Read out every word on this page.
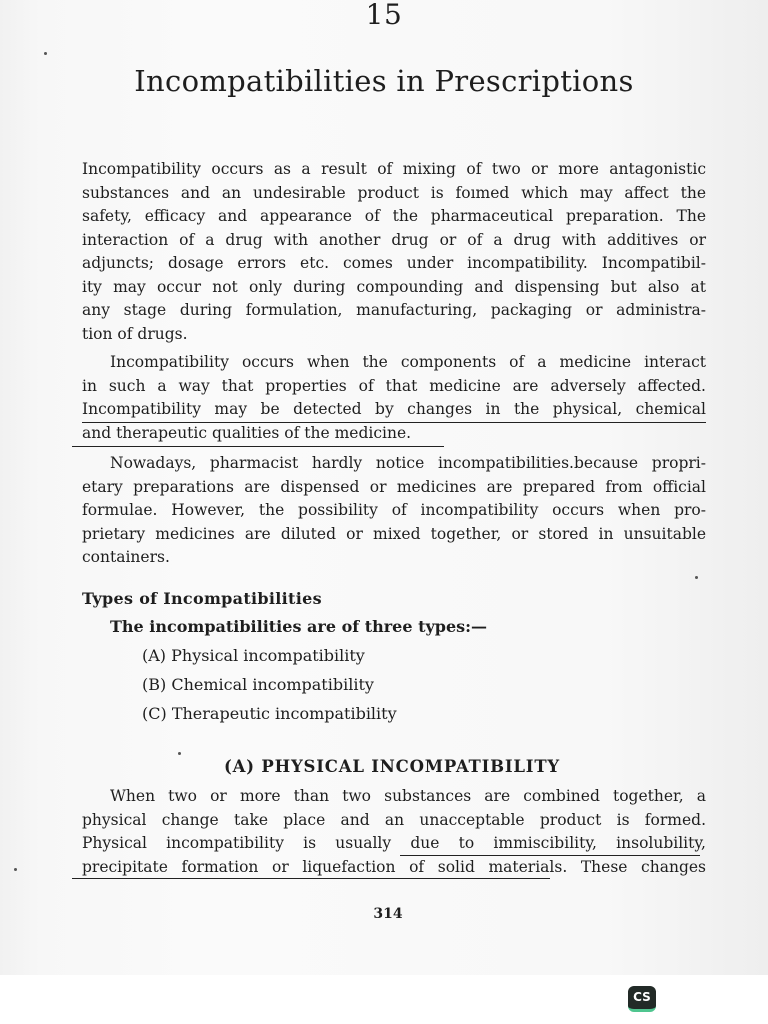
15
Incompatibilities in Prescriptions
Incompatibility occurs as a result of mixing of two or more antagonistic
substances and an undesirable product is foımed which may affect the
safety, efficacy and appearance of the pharmaceutical preparation. The
interaction of a drug with another drug or of a drug with additives or
adjuncts; dosage errors etc. comes under incompatibility. Incompatibil-
ity may occur not only during compounding and dispensing but also at
any stage during formulation, manufacturing, packaging or administra-
tion of drugs.
Incompatibility occurs when the components of a medicine interact
in such a way that properties of that medicine are adversely affected.
Incompatibility may be detected by changes in the physical, chemical
and therapeutic qualities of the medicine.
Nowadays, pharmacist hardly notice incompatibilities.because propri-
etary preparations are dispensed or medicines are prepared from official
formulae. However, the possibility of incompatibility occurs when pro-
prietary medicines are diluted or mixed together, or stored in unsuitable
containers.
Types of Incompatibilities
The incompatibilities are of three types:—
(A) Physical incompatibility
(B) Chemical incompatibility
(C) Therapeutic incompatibility
(A) PHYSICAL INCOMPATIBILITY
When two or more than two substances are combined together, a
physical change take place and an unacceptable product is formed.
Physical incompatibility is usually due to immiscibility, insolubility,
precipitate formation or liquefaction of solid materials. These changes
314
CS
